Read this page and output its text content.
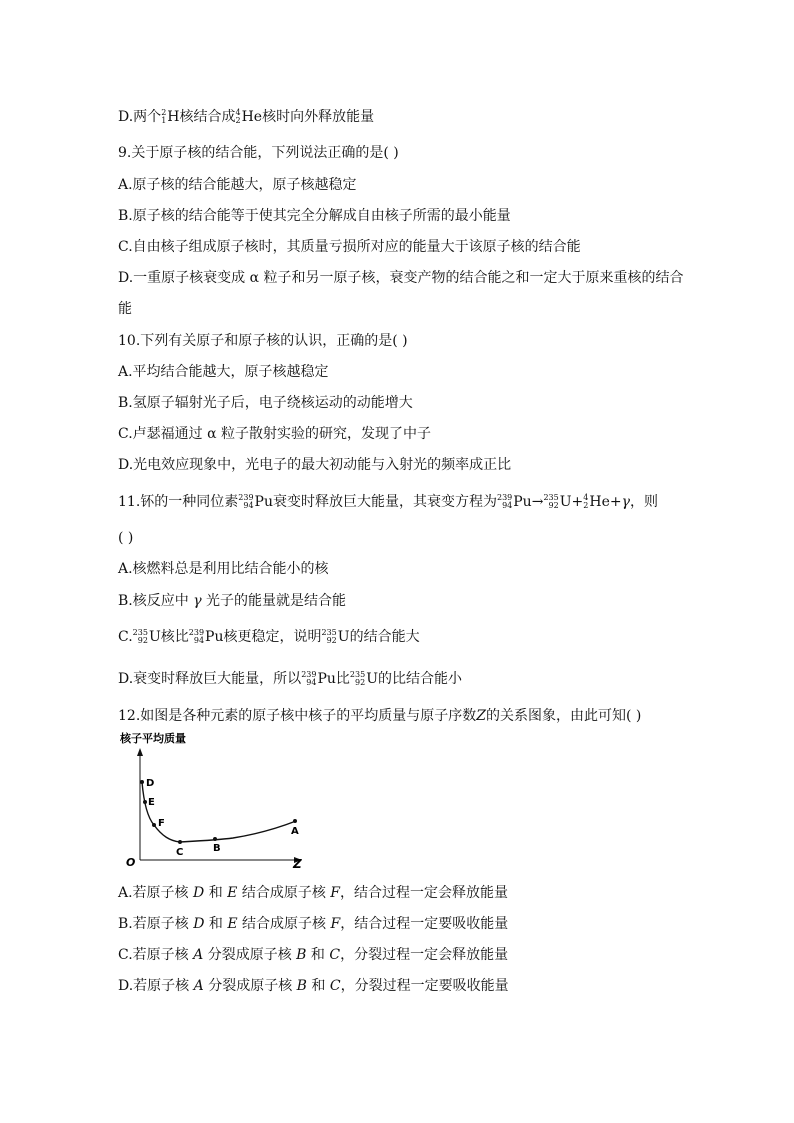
D.两个 2
1 H核结合成 4
2 He核时向外释放能量
9.关于原子核的结合能，下列说法正确的是( )
A.原子核的结合能越大，原子核越稳定
B.原子核的结合能等于使其完全分解成自由核子所需的最小能量
C.自由核子组成原子核时，其质量亏损所对应的能量大于该原子核的结合能
D.一重原子核衰变成 α 粒子和另一原子核，衰变产物的结合能之和一定大于原来重核的结合
能
10.下列有关原子和原子核的认识，正确的是( )
A.平均结合能越大，原子核越稳定
B.氢原子辐射光子后，电子绕核运动的动能增大
C.卢瑟福通过 α 粒子散射实验的研究，发现了中子
D.光电效应现象中，光电子的最大初动能与入射光的频率成正比
11.钚的一种同位素 239
94 Pu衰变时释放巨大能量，其衰变方程为 239
94 Pu→ 235
92 U+ 4
2 He+γ，则
( )
A.核燃料总是利用比结合能小的核
B.核反应中 γ 光子的能量就是结合能
C. 235
92 U核比 239
94 Pu核更稳定，说明 235
92 U的结合能大
D.衰变时释放巨大能量，所以 239
94 Pu比 235
92 U的比结合能小
12.如图是各种元素的原子核中核子的平均质量与原子序数Z的关系图象，由此可知( )
核子平均质量
O	Z
D
E
F
C	B
A
A.若原子核 D 和 E 结合成原子核 F，结合过程一定会释放能量
B.若原子核 D 和 E 结合成原子核 F，结合过程一定要吸收能量
C.若原子核 A 分裂成原子核 B 和 C，分裂过程一定会释放能量
D.若原子核 A 分裂成原子核 B 和 C，分裂过程一定要吸收能量
